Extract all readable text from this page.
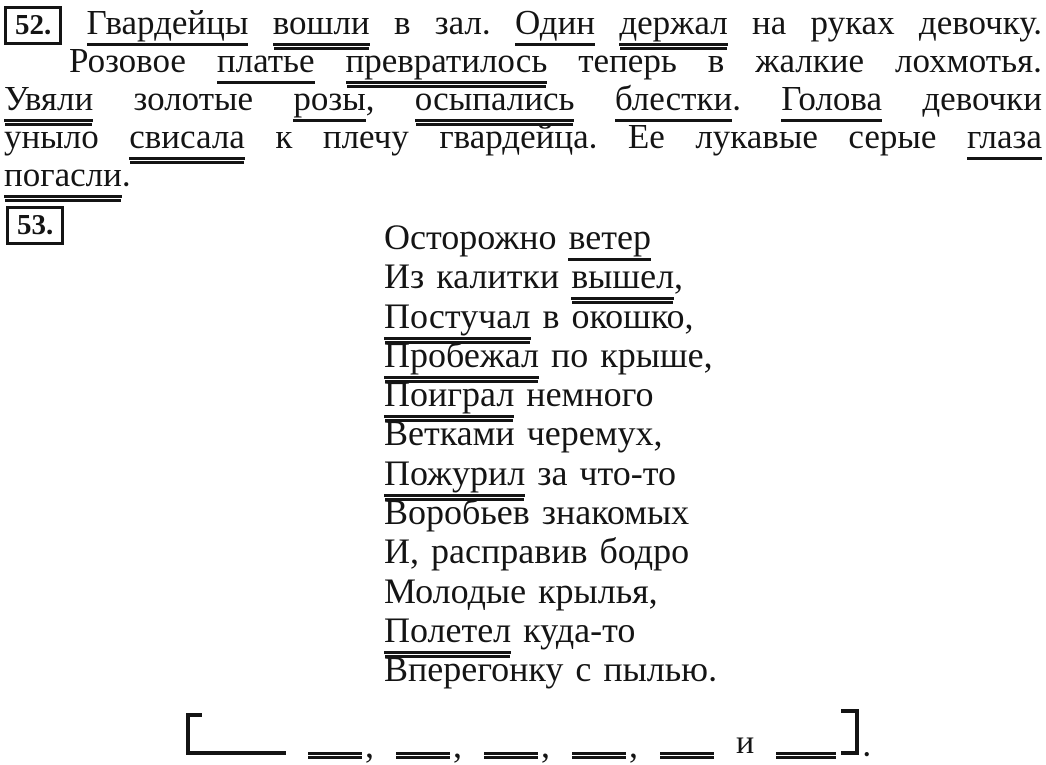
52.	Гвардейцы вошли в зал. Один держал на руках девочку.
Розовое платье превратилось теперь в жалкие лохмотья.
Увяли золотые розы, осыпались блестки. Голова девочки
уныло свисала к плечу гвардейца. Ее лукавые серые глаза
погасли.
53.	Осторожно ветер
Из калитки вышел,
Постучал в окошко,
Пробежал по крыше,
Поиграл немного
Ветками черемух,
Пожурил за что-то
Воробьев знакомых
И, расправив бодро
Молодые крылья,
Полетел куда-то
Вперегонку с пылью.
, , , ,	и	.
